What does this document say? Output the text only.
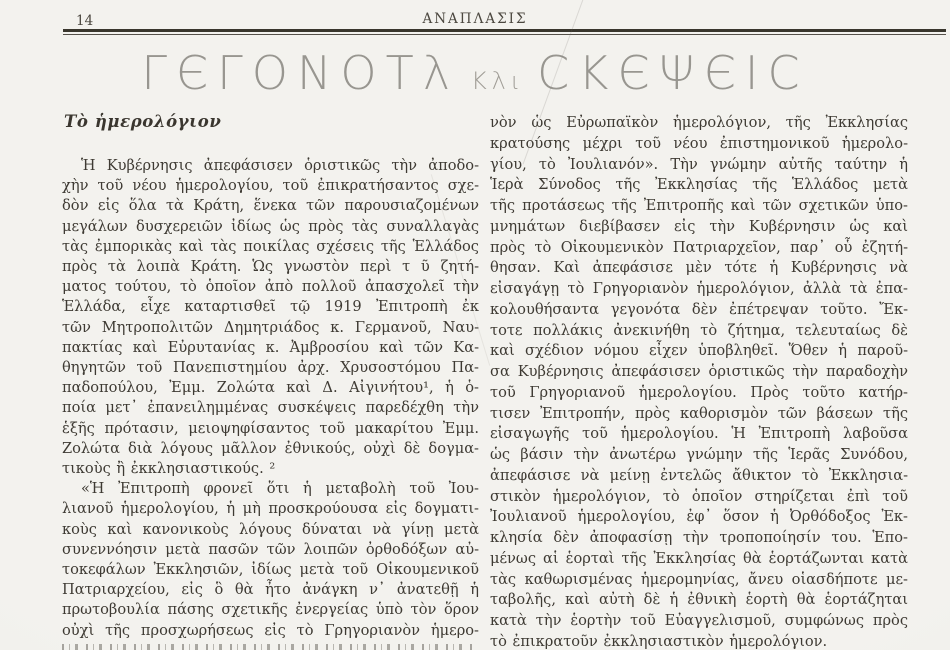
14	ΑΝΑΠΛΑΣΙΣ
ΓЄΓΟΝΟΤλ Κλι CΚЄΨЄΙC
Τὸ ἡμερολόγιον
Ἡ Κυβέρνησις ἀπεφάσισεν ὁριστικῶς τὴν ἀποδο-
χὴν τοῦ νέου ἡμερολογίου, τοῦ ἐπικρατήσαντος σχε-
δὸν εἰς ὅλα τὰ Κράτη, ἕνεκα τῶν παρουσιαζομένων
μεγάλων δυσχερειῶν ἰδίως ὡς πρὸς τὰς συναλλαγὰς
τὰς ἐμπορικὰς καὶ τὰς ποικίλας σχέσεις τῆς Ἑλλάδος
πρὸς τὰ λοιπὰ Κράτη. Ὡς γνωστὸν περὶ τ ῦ ζητή-
ματος τούτου, τὸ ὁποῖον ἀπὸ πολλοῦ ἀπασχολεῖ τὴν
Ἑλλάδα, εἶχε καταρτισθεῖ τῷ 1919 Ἐπιτροπὴ ἐκ
τῶν Μητροπολιτῶν Δημητριάδος κ. Γερμανοῦ, Ναυ-
πακτίας καὶ Εὐρυτανίας κ. Ἀμβροσίου καὶ τῶν Κα-
θηγητῶν τοῦ Πανεπιστημίου ἀρχ. Χρυσοστόμου Πα-
παδοπούλου, Ἐμμ. Ζολώτα καὶ Δ. Αἰγινήτου¹, ἡ ὁ-
ποία μετ᾿ ἐπανειλημμένας συσκέψεις παρεδέχθη τὴν
ἑξῆς πρότασιν, μειοψηφίσαντος τοῦ μακαρίτου Ἐμμ.
Ζολώτα διὰ λόγους μᾶλλον ἐθνικούς, οὐχὶ δὲ δογμα-
τικοὺς ἢ ἐκκλησιαστικούς. ²
«Ἡ Ἐπιτροπὴ φρονεῖ ὅτι ἡ μεταβολὴ τοῦ Ἰου-
λιανοῦ ἡμερολογίου, ἡ μὴ προσκρούουσα εἰς δογματι-
κοὺς καὶ κανονικοὺς λόγους δύναται νὰ γίνῃ μετὰ
συνεννόησιν μετὰ πασῶν τῶν λοιπῶν ὀρθοδόξων αὐ-
τοκεφάλων Ἐκκλησιῶν, ἰδίως μετὰ τοῦ Οἰκουμενικοῦ
Πατριαρχείου, εἰς ὃ θὰ ἦτο ἀνάγκη ν᾿ ἀνατεθῇ ἡ
πρωτοβουλία πάσης σχετικῆς ἐνεργείας ὑπὸ τὸν ὅρον
οὐχὶ τῆς προσχωρήσεως εἰς τὸ Γρηγοριανὸν ἡμερο-
νὸν ὡς Εὐρωπαϊκὸν ἡμερολόγιον, τῆς Ἐκκλησίας
κρατούσης μέχρι τοῦ νέου ἐπιστημονικοῦ ἡμερολο-
γίου, τὸ Ἰουλιανόν». Τὴν γνώμην αὐτῆς ταύτην ἡ
Ἱερὰ Σύνοδος τῆς Ἐκκλησίας τῆς Ἑλλάδος μετὰ
τῆς προτάσεως τῆς Ἐπιτροπῆς καὶ τῶν σχετικῶν ὑπο-
μνημάτων διεβίβασεν εἰς τὴν Κυβέρνησιν ὡς καὶ
πρὸς τὸ Οἰκουμενικὸν Πατριαρχεῖον, παρ᾿ οὗ ἐζητή-
θησαν. Καὶ ἀπεφάσισε μὲν τότε ἡ Κυβέρνησις νὰ
εἰσαγάγῃ τὸ Γρηγοριανὸν ἡμερολόγιον, ἀλλὰ τὰ ἐπα-
κολουθήσαντα γεγονότα δὲν ἐπέτρεψαν τοῦτο. Ἔκ-
τοτε πολλάκις ἀνεκινήθη τὸ ζήτημα, τελευταίως δὲ
καὶ σχέδιον νόμου εἶχεν ὑποβληθεῖ. Ὅθεν ἡ παροῦ-
σα Κυβέρνησις ἀπεφάσισεν ὁριστικῶς τὴν παραδοχὴν
τοῦ Γρηγοριανοῦ ἡμερολογίου. Πρὸς τοῦτο κατήρ-
τισεν Ἐπιτροπήν, πρὸς καθορισμὸν τῶν βάσεων τῆς
εἰσαγωγῆς τοῦ ἡμερολογίου. Ἡ Ἐπιτροπὴ λαβοῦσα
ὡς βάσιν τὴν ἀνωτέρω γνώμην τῆς Ἱερᾶς Συνόδου,
ἀπεφάσισε νὰ μείνῃ ἐντελῶς ἄθικτον τὸ Ἐκκλησια-
στικὸν ἡμερολόγιον, τὸ ὁποῖον στηρίζεται ἐπὶ τοῦ
Ἰουλιανοῦ ἡμερολογίου, ἐφ᾿ ὅσον ἡ Ὀρθόδοξος Ἐκ-
κλησία δὲν ἀποφασίσῃ τὴν τροποποίησίν του. Ἑπο-
μένως αἱ ἑορταὶ τῆς Ἐκκλησίας θὰ ἑορτάζωνται κατὰ
τὰς καθωρισμένας ἡμερομηνίας, ἄνευ οἱασδήποτε με-
ταβολῆς, καὶ αὐτὴ δὲ ἡ ἐθνικὴ ἑορτὴ θὰ ἑορτάζηται
κατὰ τὴν ἑορτὴν τοῦ Εὐαγγελισμοῦ, συμφώνως πρὸς
τὸ ἐπικρατοῦν ἐκκλησιαστικὸν ἡμερολόγιον.
